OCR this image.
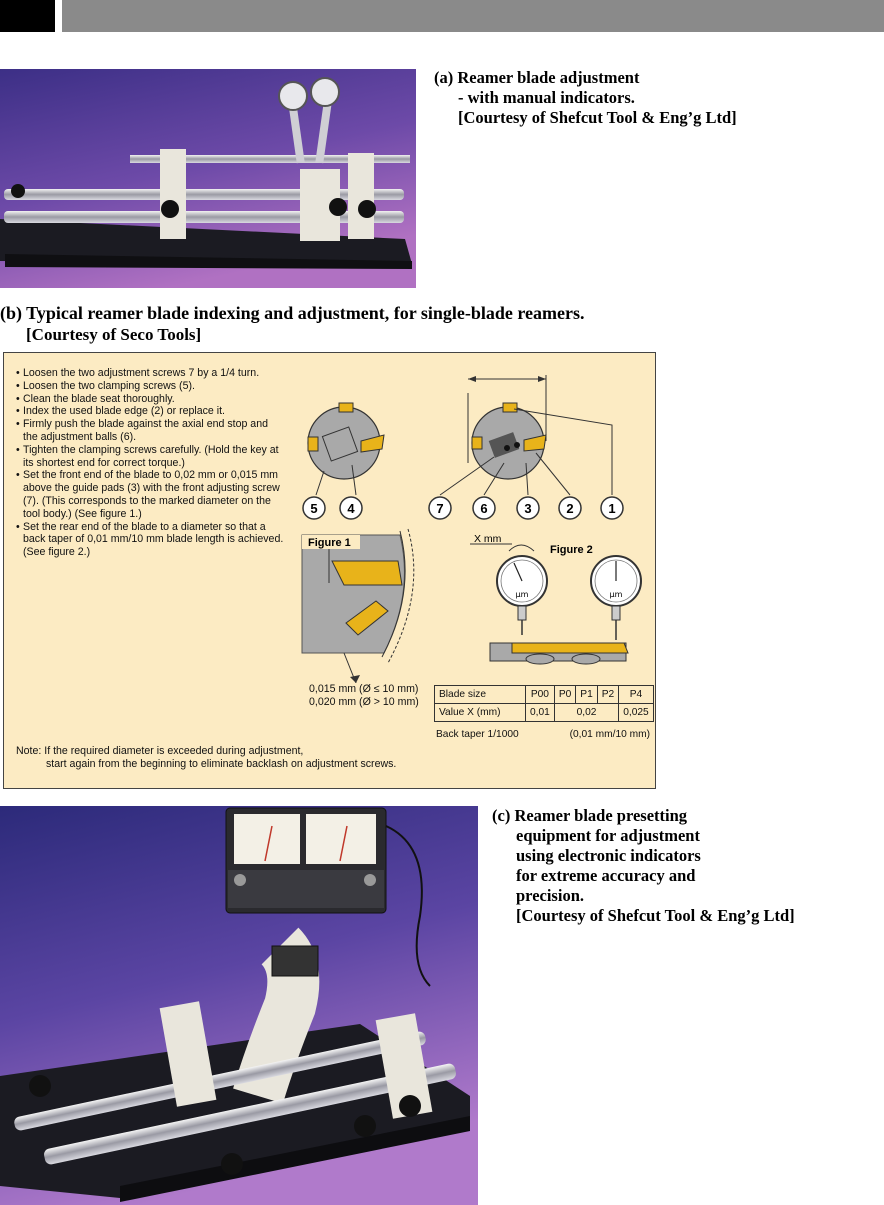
(a) Reamer blade adjustment

- with manual indicators.
[Courtesy of Shefcut Tool & Eng’g Ltd]
(b) Typical reamer blade indexing and adjustment, for single-blade reamers.
[Courtesy of Seco Tools]
• Loosen the two adjustment screws 7 by a 1/4 turn.
• Loosen the two clamping screws (5).
• Clean the blade seat thoroughly.
• Index the used blade edge (2) or replace it.
• Firmly push the blade against the axial end stop and the adjustment balls (6).
• Tighten the clamping screws carefully. (Hold the key at its shortest end for correct torque.)
• Set the front end of the blade to 0,02 mm or 0,015 mm above the guide pads (3) with the front adjusting screw (7). (This corresponds to the marked diameter on the tool body.) (See figure 1.)
• Set the rear end of the blade to a diameter so that a back taper of 0,01 mm/10 mm blade length is achieved. (See figure 2.)
5 4	7	6	3	2	1
Figure 1	X mm
Figure 2
µm	µm
0,015 mm (Ø ≤ 10 mm)
0,020 mm (Ø > 10 mm)
Blade size	P00	P0	P1	P2	P4
Value X (mm)	0,01	0,02			0,025
Back taper 1/1000	(0,01 mm/10 mm)
Note: If the required diameter is exceeded during adjustment,
start again from the beginning to eliminate backlash on adjustment screws.
(c) Reamer blade presetting

equipment for adjustment
using electronic indicators
for extreme accuracy and
precision.
[Courtesy of Shefcut Tool & Eng’g Ltd]
